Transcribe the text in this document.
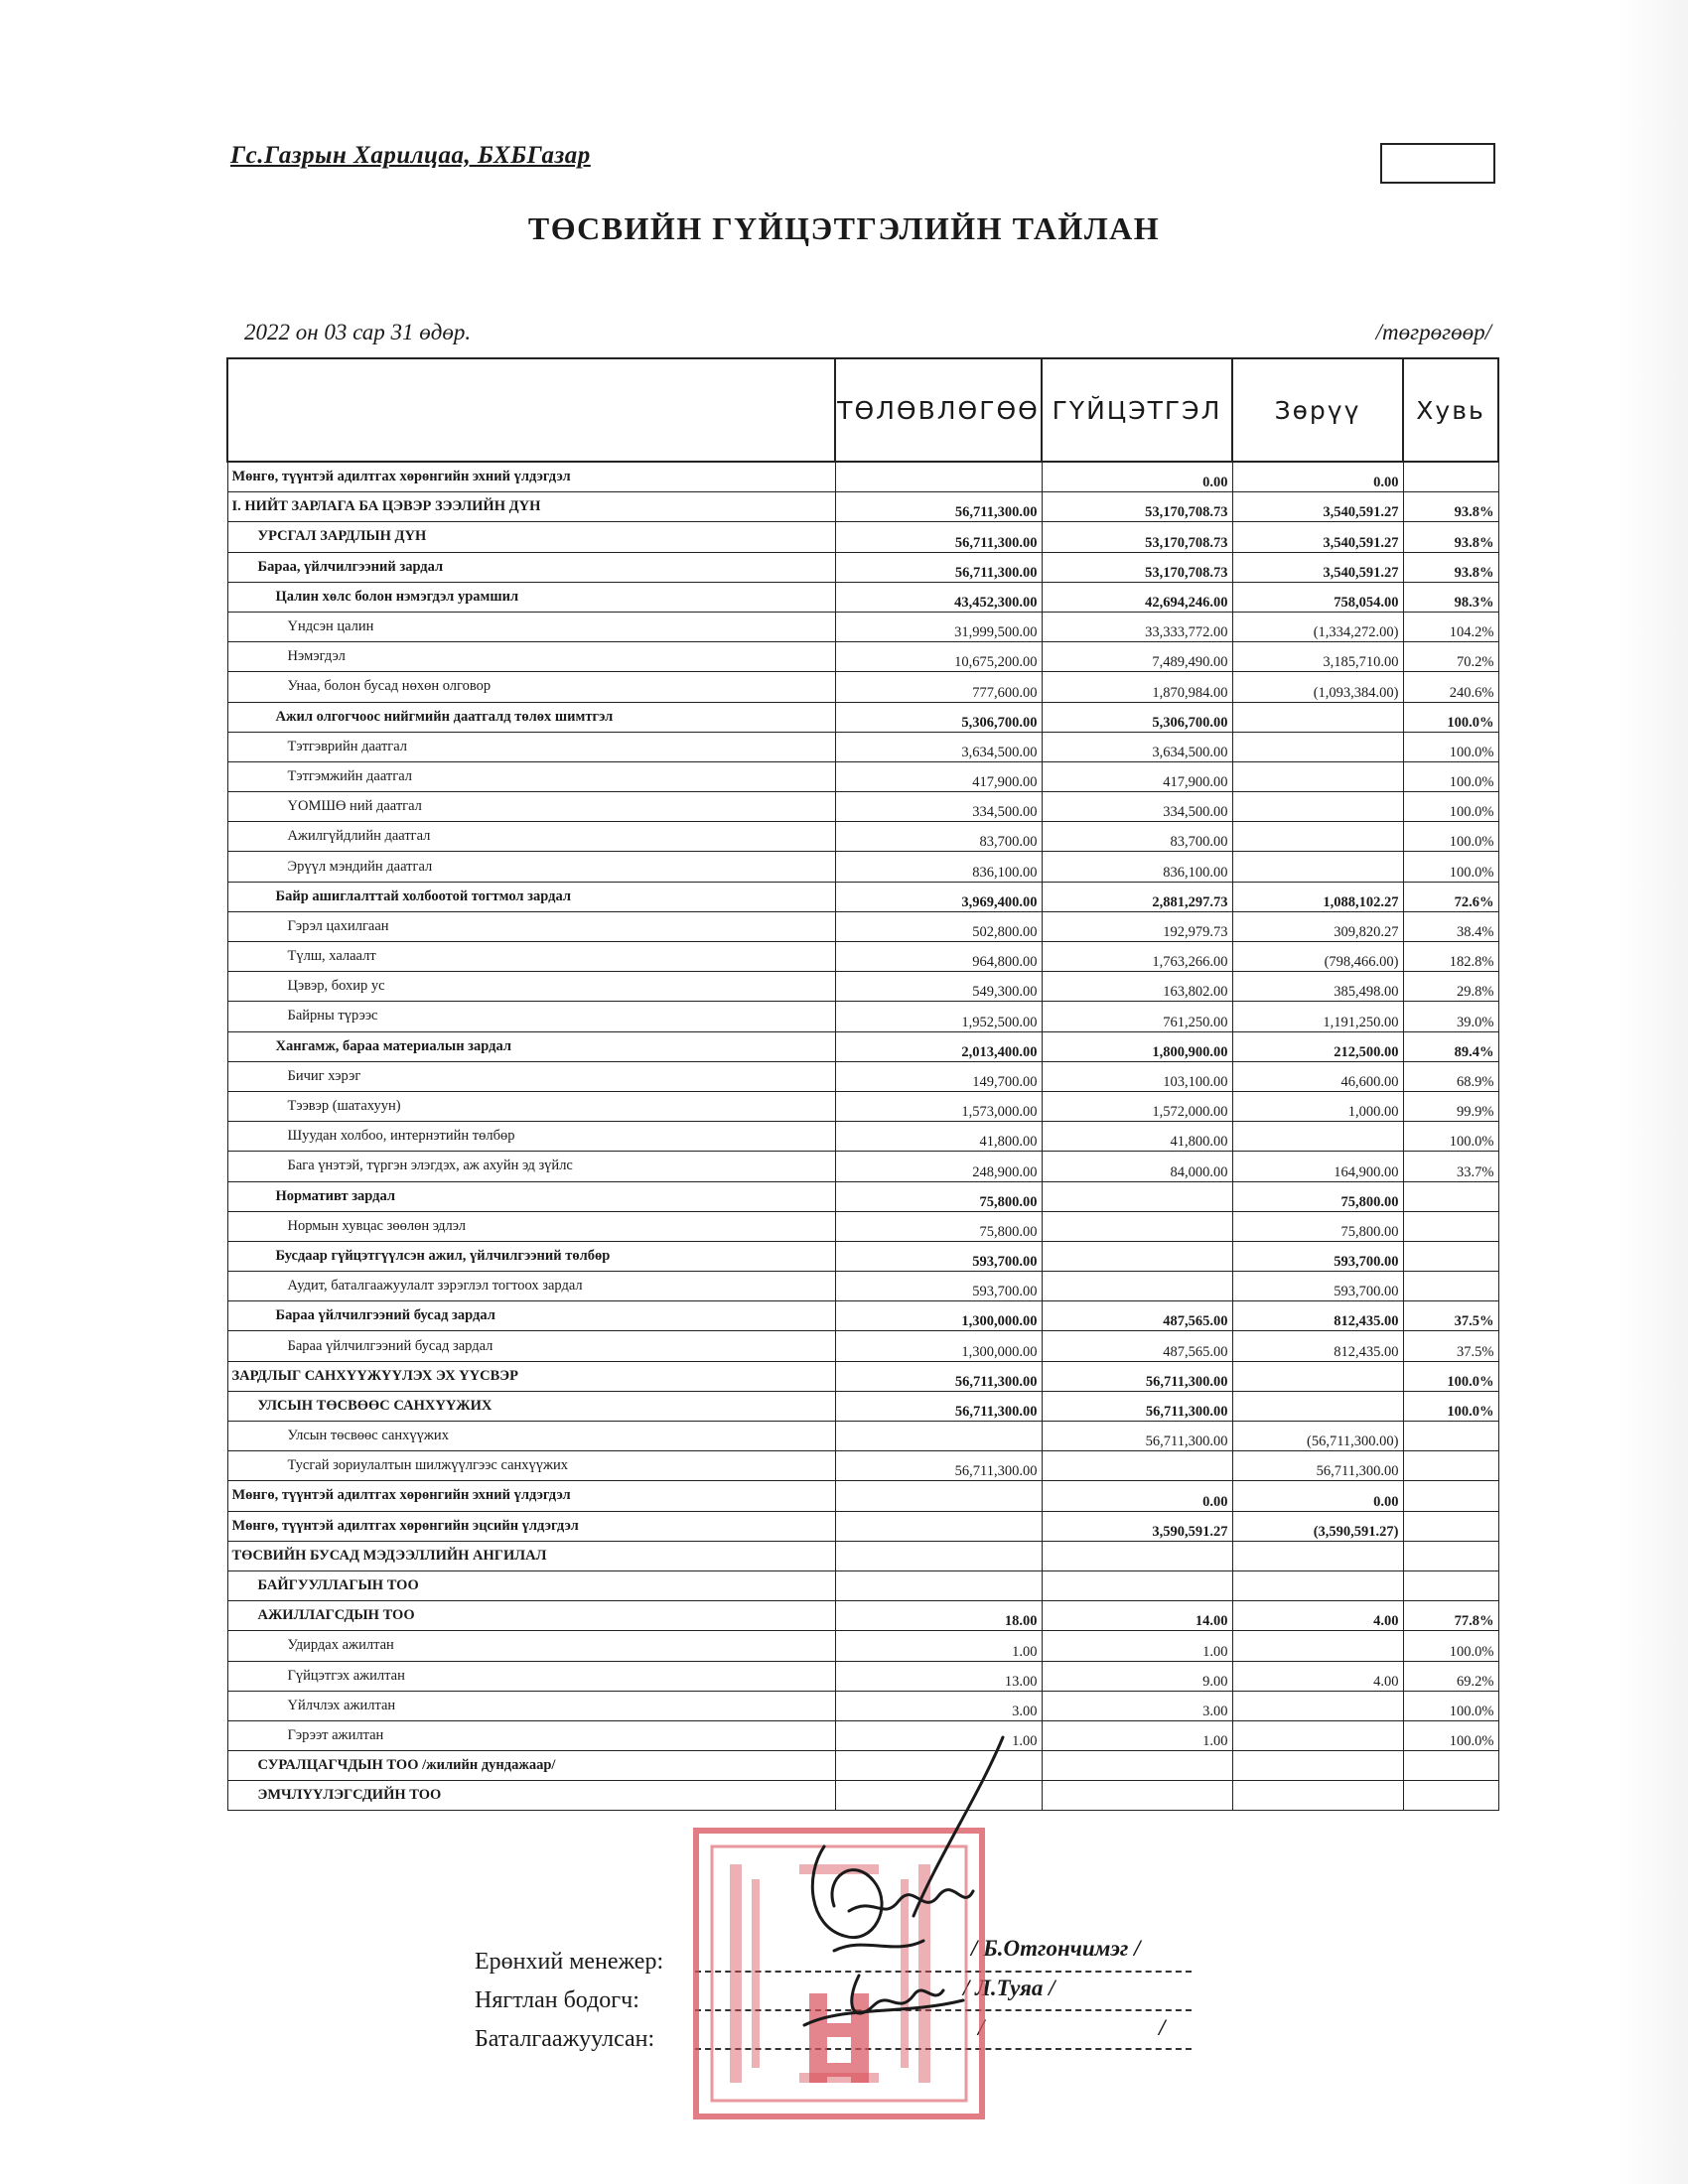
Гс.Газрын Харилцаа, БХБГазар
ТӨСВИЙН ГҮЙЦЭТГЭЛИЙН ТАЙЛАН
2022 он 03 сар 31 өдөр.	/төгрөгөөр/
	ТӨЛӨВЛӨГӨӨ	ГҮЙЦЭТГЭЛ	Зөрүү	Хувь
Мөнгө, түүнтэй адилтгах хөрөнгийн эхний үлдэгдэл		0.00	0.00	
I. НИЙТ ЗАРЛАГА БА ЦЭВЭР ЗЭЭЛИЙН ДҮН	56,711,300.00	53,170,708.73	3,540,591.27	93.8%
УРСГАЛ ЗАРДЛЫН ДҮН	56,711,300.00	53,170,708.73	3,540,591.27	93.8%
Бараа, үйлчилгээний зардал	56,711,300.00	53,170,708.73	3,540,591.27	93.8%
Цалин хөлс болон нэмэгдэл урамшил	43,452,300.00	42,694,246.00	758,054.00	98.3%
Үндсэн цалин	31,999,500.00	33,333,772.00	(1,334,272.00)	104.2%
Нэмэгдэл	10,675,200.00	7,489,490.00	3,185,710.00	70.2%
Унаа, болон бусад нөхөн олговор	777,600.00	1,870,984.00	(1,093,384.00)	240.6%
Ажил олгогчоос нийгмийн даатгалд төлөх шимтгэл	5,306,700.00	5,306,700.00		100.0%
Тэтгэврийн даатгал	3,634,500.00	3,634,500.00		100.0%
Тэтгэмжийн даатгал	417,900.00	417,900.00		100.0%
ҮОМШӨ ний даатгал	334,500.00	334,500.00		100.0%
Ажилгүйдлийн даатгал	83,700.00	83,700.00		100.0%
Эрүүл мэндийн даатгал	836,100.00	836,100.00		100.0%
Байр ашиглалттай холбоотой тогтмол зардал	3,969,400.00	2,881,297.73	1,088,102.27	72.6%
Гэрэл цахилгаан	502,800.00	192,979.73	309,820.27	38.4%
Түлш, халаалт	964,800.00	1,763,266.00	(798,466.00)	182.8%
Цэвэр, бохир ус	549,300.00	163,802.00	385,498.00	29.8%
Байрны түрээс	1,952,500.00	761,250.00	1,191,250.00	39.0%
Хангамж, бараа материалын зардал	2,013,400.00	1,800,900.00	212,500.00	89.4%
Бичиг хэрэг	149,700.00	103,100.00	46,600.00	68.9%
Тээвэр (шатахуун)	1,573,000.00	1,572,000.00	1,000.00	99.9%
Шуудан холбоо, интернэтийн төлбөр	41,800.00	41,800.00		100.0%
Бага үнэтэй, түргэн элэгдэх, аж ахуйн эд зүйлс	248,900.00	84,000.00	164,900.00	33.7%
Нормативт зардал	75,800.00		75,800.00	
Нормын хувцас зөөлөн эдлэл	75,800.00		75,800.00	
Бусдаар гүйцэтгүүлсэн ажил, үйлчилгээний төлбөр	593,700.00		593,700.00	
Аудит, баталгаажуулалт зэрэглэл тогтоох зардал	593,700.00		593,700.00	
Бараа үйлчилгээний бусад зардал	1,300,000.00	487,565.00	812,435.00	37.5%
Бараа үйлчилгээний бусад зардал	1,300,000.00	487,565.00	812,435.00	37.5%
ЗАРДЛЫГ САНХҮҮЖҮҮЛЭХ ЭХ ҮҮСВЭР	56,711,300.00	56,711,300.00		100.0%
УЛСЫН ТӨСВӨӨС САНХҮҮЖИХ	56,711,300.00	56,711,300.00		100.0%
Улсын төсвөөс санхүүжих		56,711,300.00	(56,711,300.00)	
Тусгай зориулалтын шилжүүлгээс санхүүжих	56,711,300.00		56,711,300.00	
Мөнгө, түүнтэй адилтгах хөрөнгийн эхний үлдэгдэл		0.00	0.00	
Мөнгө, түүнтэй адилтгах хөрөнгийн эцсийн үлдэгдэл		3,590,591.27	(3,590,591.27)	
ТӨСВИЙН БУСАД МЭДЭЭЛЛИЙН АНГИЛАЛ				
БАЙГУУЛЛАГЫН ТОО				
АЖИЛЛАГСДЫН ТОО	18.00	14.00	4.00	77.8%
Удирдах ажилтан	1.00	1.00		100.0%
Гүйцэтгэх ажилтан	13.00	9.00	4.00	69.2%
Үйлчлэх ажилтан	3.00	3.00		100.0%
Гэрээт ажилтан	1.00	1.00		100.0%
СУРАЛЦАГЧДЫН ТОО /жилийн дундажаар/				
ЭМЧЛҮҮЛЭГСДИЙН ТОО				
Ерөнхий менежер:
/ Б.Отгончимэг /
Нягтлан бодогч:	/ Л.Туяа /
Баталгаажуулсан:	/ /
